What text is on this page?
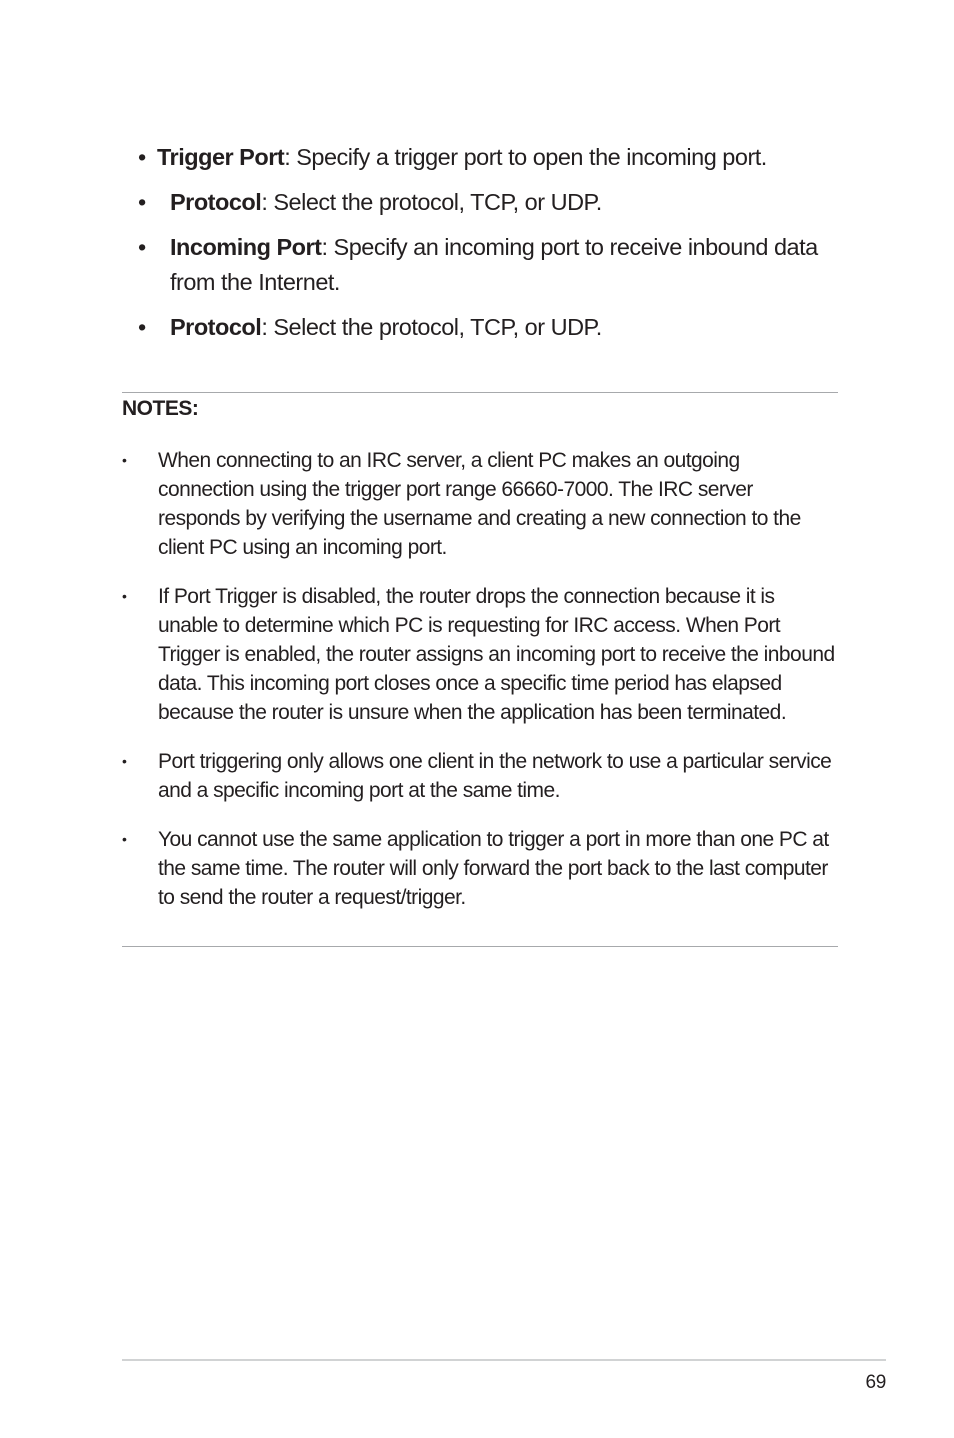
• Trigger Port: Specify a trigger port to open the incoming port.
•	Protocol: Select the protocol, TCP, or UDP.
•	Incoming Port: Specify an incoming port to receive inbound data from the Internet.
•	Protocol: Select the protocol, TCP, or UDP.
NOTES:
•	When connecting to an IRC server, a client PC makes an outgoing connection using the trigger port range 66660-7000. The IRC server responds by verifying the username and creating a new connection to the client PC using an incoming port.
•	If Port Trigger is disabled, the router drops the connection because it is unable to determine which PC is requesting for IRC access. When Port Trigger is enabled, the router assigns an incoming port to receive the inbound data. This incoming port closes once a specific time period has elapsed because the router is unsure when the application has been terminated.
•	Port triggering only allows one client in the network to use a particular service and a specific incoming port at the same time.
•	You cannot use the same application to trigger a port in more than one PC at the same time. The router will only forward the port back to the last computer to send the router a request/trigger.
69
